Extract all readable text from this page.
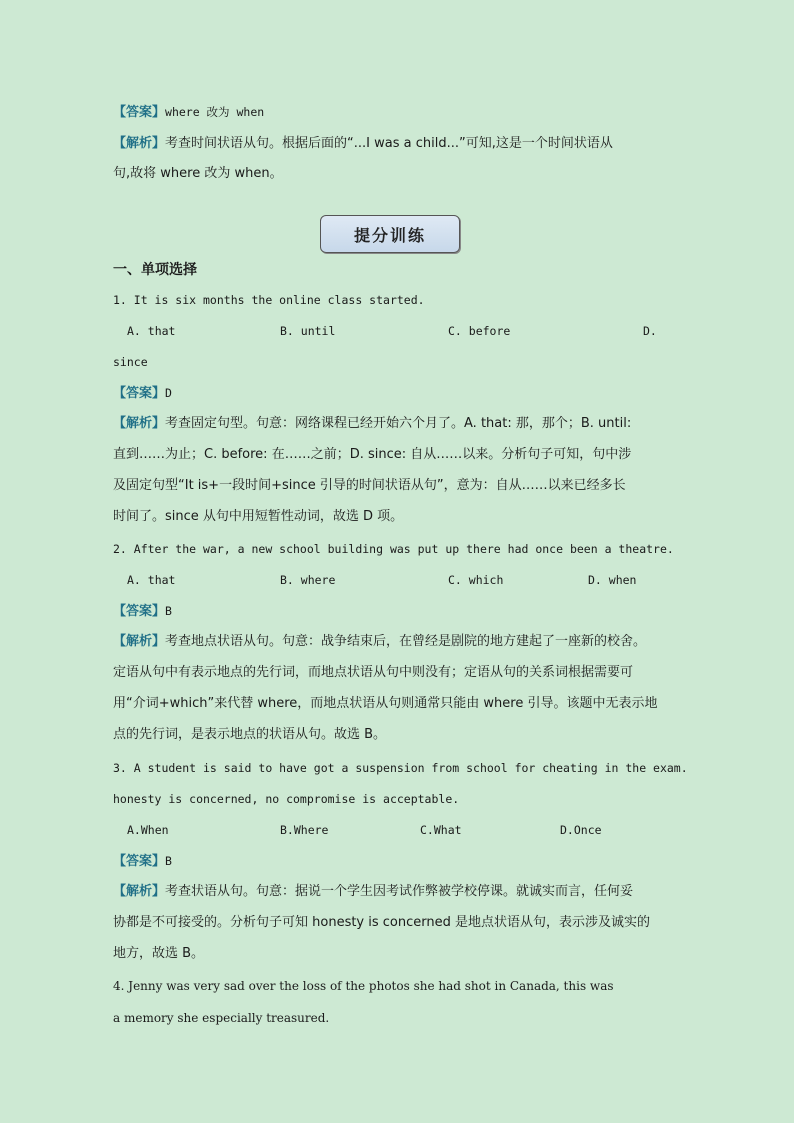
【答案】where 改为 when
【解析】考查时间状语从句。根据后面的“...I was a child...”可知,这是一个时间状语从
句,故将 where 改为 when。
提分训练
一、单项选择
1. It is six months the online class started.
A. that	B. until	C. before	D.
since
【答案】D
【解析】考查固定句型。句意：网络课程已经开始六个月了。A. that: 那，那个；B. until:
直到……为止；C. before: 在……之前；D. since: 自从……以来。分析句子可知，句中涉
及固定句型“It is+一段时间+since 引导的时间状语从句”，意为：自从……以来已经多长
时间了。since 从句中用短暂性动词，故选 D 项。
2. After the war, a new school building was put up there had once been a theatre.
A. that	B. where	C. which	D. when
【答案】B
【解析】考查地点状语从句。句意：战争结束后，在曾经是剧院的地方建起了一座新的校舍。
定语从句中有表示地点的先行词，而地点状语从句中则没有；定语从句的关系词根据需要可
用“介词+which”来代替 where，而地点状语从句则通常只能由 where 引导。该题中无表示地
点的先行词，是表示地点的状语从句。故选 B。
3. A student is said to have got a suspension from school for cheating in the exam.
honesty is concerned, no compromise is acceptable.
A.When	B.Where	C.What	D.Once
【答案】B
【解析】考查状语从句。句意：据说一个学生因考试作弊被学校停课。就诚实而言，任何妥
协都是不可接受的。分析句子可知 honesty is concerned 是地点状语从句，表示涉及诚实的
地方，故选 B。
4. Jenny was very sad over the loss of the photos she had shot in Canada, this was
a memory she especially treasured.
